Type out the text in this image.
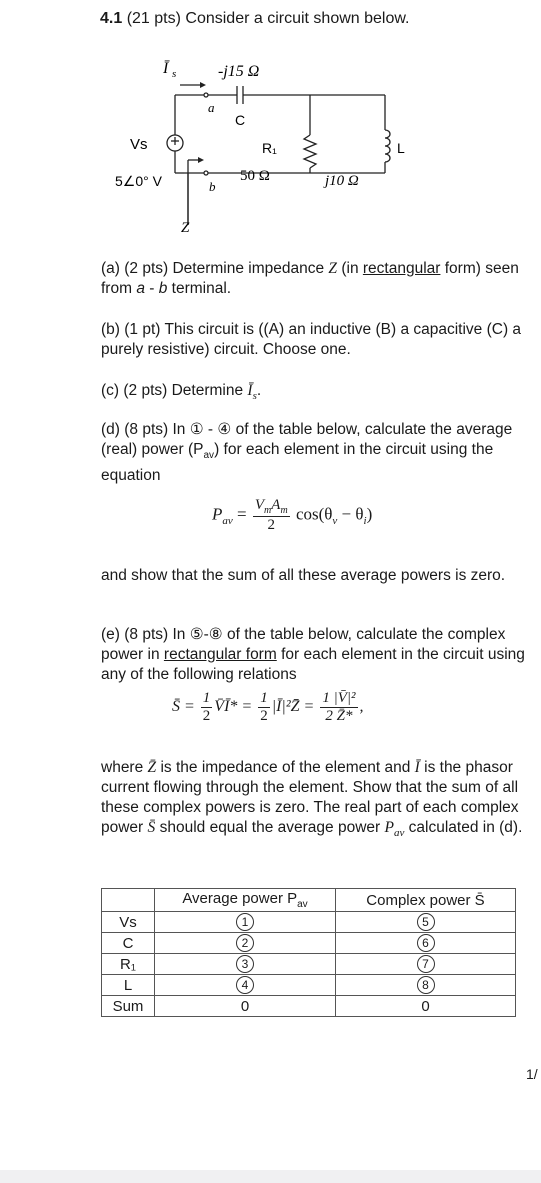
4.1 (21 pts) Consider a circuit shown below.
Ī s	-j15 Ω
C
a
b
Vs
5∠0° V
R₁
50 Ω	j10 Ω
L
Z
(a) (2 pts) Determine impedance Z (in rectangular form) seen from a - b terminal.
(b) (1 pt) This circuit is ((A) an inductive (B) a capacitive (C) a purely resistive) circuit. Choose one.
(c) (2 pts) Determine $Ī_s$.
(d) (8 pts) In ① - ④ of the table below, calculate the average (real) power $(P_{av})$ for each element in the circuit using the equation
$P_{av} = \frac{V_mA_m}{2} \cos(\theta_v - \theta_i)$
and show that the sum of all these average powers is zero.
(e) (8 pts) In ⑤-⑧ of the table below, calculate the complex power in rectangular form for each element in the circuit using any of the following relations
S̄ = $\frac{1}{2}$ V̄Ī* = $\frac{1}{2}$ |Ī|²Z̄ = $\frac{\text{1 |V̄|²}}{2 Z̄*}$ ,
where Z̄ is the impedance of the element and Ī is the phasor current flowing through the element. Show that the sum of all these complex powers is zero. The real part of each complex power S̄ should equal the average power $P_{av}$ calculated in (d).
	Average power $P_{av}$	Complex power S̄
Vs	1	5
C	2	6
R₁	3	7
L	4	8
Sum	0	0
1/
